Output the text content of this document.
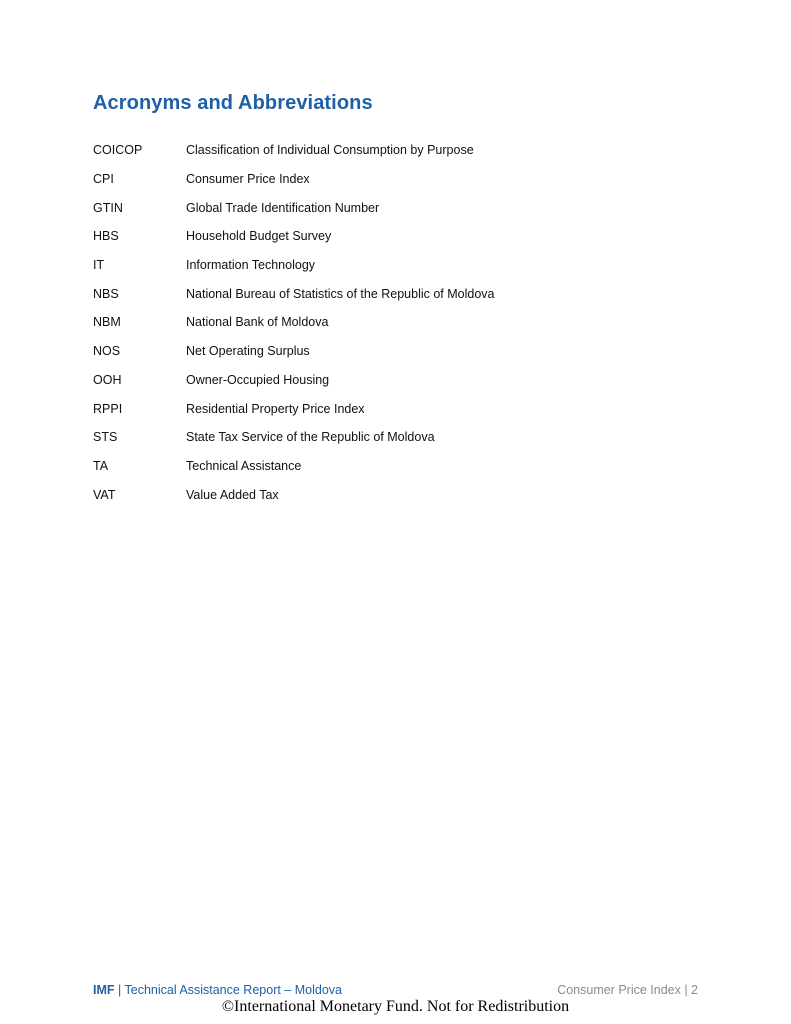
Acronyms and Abbreviations
COICOP	Classification of Individual Consumption by Purpose
CPI	Consumer Price Index
GTIN	Global Trade Identification Number
HBS	Household Budget Survey
IT	Information Technology
NBS	National Bureau of Statistics of the Republic of Moldova
NBM	National Bank of Moldova
NOS	Net Operating Surplus
OOH	Owner-Occupied Housing
RPPI	Residential Property Price Index
STS	State Tax Service of the Republic of Moldova
TA	Technical Assistance
VAT	Value Added Tax
IMF | Technical Assistance Report – Moldova	Consumer Price Index | 2
©International Monetary Fund. Not for Redistribution
